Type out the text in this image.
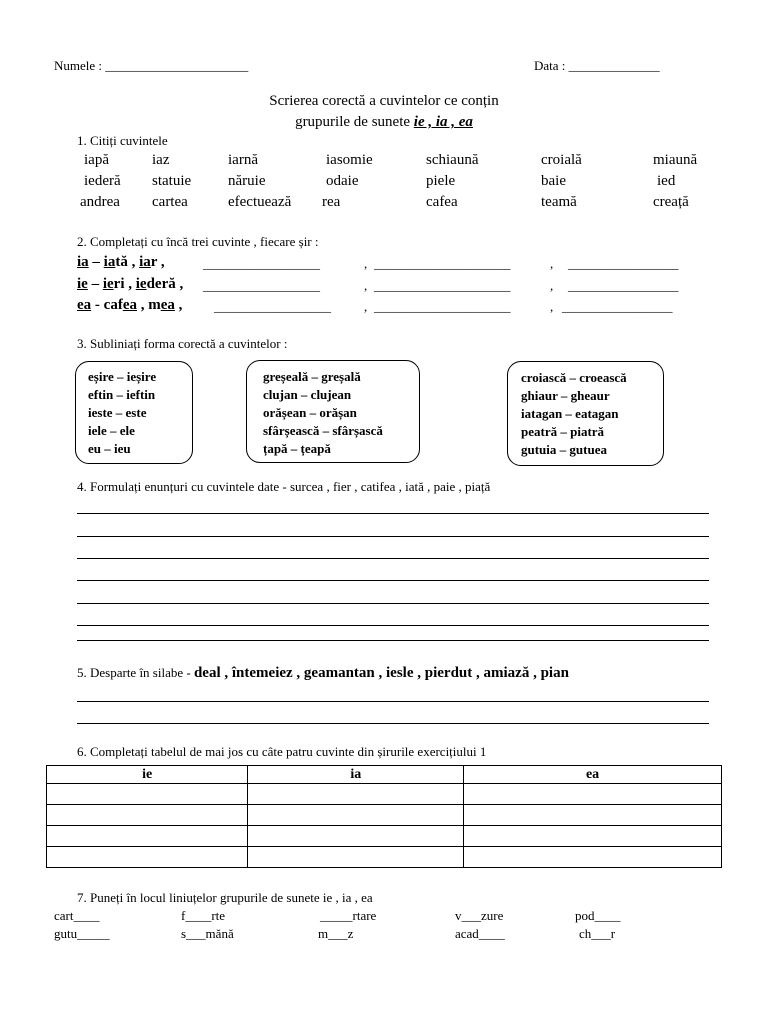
Numele : ______________________	Data : ______________
Scrierea corectă a cuvintelor ce conțin
grupurile de sunete ie , ia , ea
1. Citiți cuvintele
iapă	iaz	iarnă	iasomie	schiaună	croială	miaună
iederă statuie năruie	odaie	piele	baie	ied
andrea cartea	efectuează rea	cafea	teamă	creață
2. Completați cu încă trei cuvinte , fiecare șir :
ia – iată , iar ,	__________________	, _____________________	, _________________
ie – ieri , iederă , __________________	, _____________________	, _________________
ea - cafea , mea , __________________	, _____________________	, _________________
3. Subliniați forma corectă a cuvintelor :
eșire – ieșire
eftin – ieftin
ieste – este
iele – ele
eu – ieu
greșeală – greșală
clujan – clujean
orășean – orășan
sfârșească – sfârșască
țapă – țeapă
croiască – croească
ghiaur – gheaur
iatagan – eatagan
peatră – piatră
gutuia – gutuea
4. Formulați enunțuri cu cuvintele date - surcea , fier , catifea , iată , paie , piață
5. Desparte în silabe - deal , întemeiez , geamantan , iesle , pierdut , amiază , pian
6. Completați tabelul de mai jos cu câte patru cuvinte din șirurile exercițiului 1
ie	ia	ea

7. Puneți în locul liniuțelor grupurile de sunete ie , ia , ea
cart____	f____rte	_____rtare	v___zure	pod____
gutu_____	s___mănă	m___z	acad____	ch___r
